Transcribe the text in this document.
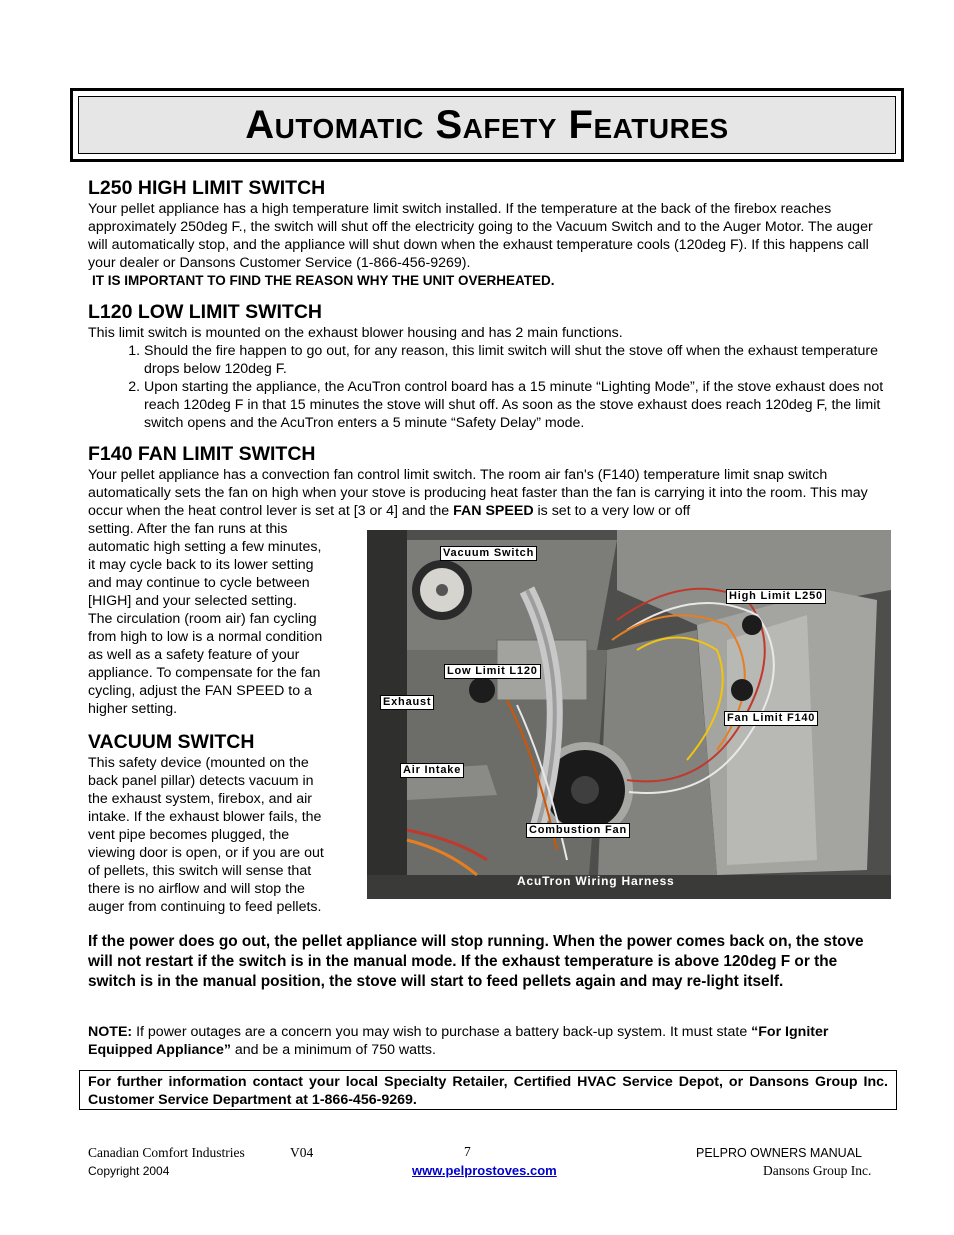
Automatic Safety Features
L250 HIGH LIMIT SWITCH

Your pellet appliance has a high temperature limit switch installed. If the temperature at the back of the firebox reaches approximately 250deg F., the switch will shut off the electricity going to the Vacuum Switch and to the Auger Motor. The auger will automatically stop, and the appliance will shut down when the exhaust temperature cools (120deg F). If this happens call your dealer or Dansons Customer Service (1-866-456-9269).

IT IS IMPORTANT TO FIND THE REASON WHY THE UNIT OVERHEATED.

L120 LOW LIMIT SWITCH

This limit switch is mounted on the exhaust blower housing and has 2 main functions.

1. Should the fire happen to go out, for any reason, this limit switch will shut the stove off when the exhaust temperature drops below 120deg F.
2. Upon starting the appliance, the AcuTron control board has a 15 minute “Lighting Mode”, if the stove exhaust does not reach 120deg F in that 15 minutes the stove will shut off. As soon as the stove exhaust does reach 120deg F, the limit switch opens and the AcuTron enters a 5 minute “Safety Delay” mode.
F140 FAN LIMIT SWITCH

Your pellet appliance has a convection fan control limit switch. The room air fan's (F140) temperature limit snap switch automatically sets the fan on high when your stove is producing heat faster than the fan is carrying it into the room. This may occur when the heat control lever is set at [3 or 4] and the FAN SPEED is set to a very low or off

setting. After the fan runs at this
automatic high setting a few minutes,
it may cycle back to its lower setting
and may continue to cycle between
[HIGH] and your selected setting.
The circulation (room air) fan cycling
from high to low is a normal condition
as well as a safety feature of your
appliance. To compensate for the fan
cycling, adjust the FAN SPEED to a
higher setting.
VACUUM SWITCH
This safety device (mounted on the
back panel pillar) detects vacuum in
the exhaust system, firebox, and air
intake. If the exhaust blower fails, the
vent pipe becomes plugged, the
viewing door is open, or if you are out
of pellets, this switch will sense that
there is no airflow and will stop the
auger from continuing to feed pellets.
Vacuum Switch
High Limit L250
Low Limit L120
Exhaust
Fan Limit F140
Air Intake
Combustion Fan
AcuTron Wiring Harness

If the power does go out, the pellet appliance will stop running. When the power comes back on, the stove will not restart if the switch is in the manual mode. If the exhaust temperature is above 120deg F or the switch is in the manual position, the stove will start to feed pellets again and may re-light itself.

NOTE: If power outages are a concern you may wish to purchase a battery back-up system. It must state “For Igniter Equipped Appliance” and be a minimum of 750 watts.

For further information contact your local Specialty Retailer, Certified HVAC Service Depot, or Dansons Group Inc. Customer Service Department at 1-866-456-9269.
Canadian Comfort Industries	V04	7	PELPRO OWNERS MANUAL
Copyright 2004	www.pelprostoves.com	Dansons Group Inc.
